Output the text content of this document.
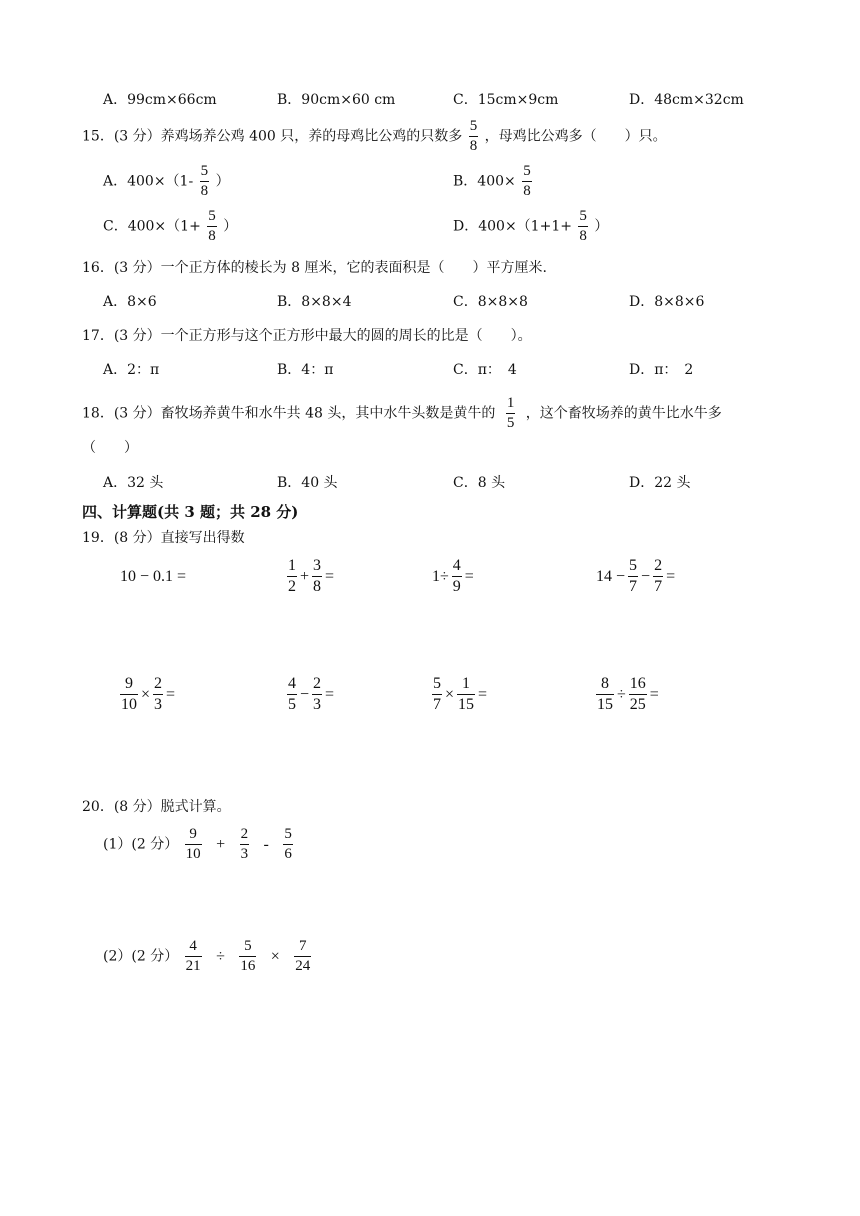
A．99cm×66cm	B．90cm×60 cm	C．15cm×9cm	D．48cm×32cm
15．(3 分）养鸡场养公鸡 400 只，养的母鸡比公鸡的只数多 $\frac{5}{8}$ ，母鸡比公鸡多（　　）只。
A．$400\times(1- \frac{5}{8}$ ）	B．$400\times \frac{5}{8}$
C．$400\times(1+ \frac{5}{8}$ ）	D．$400\times(1+1+ \frac{5}{8}$ ）
16．(3 分）一个正方体的棱长为 8 厘米，它的表面积是（　　）平方厘米.
A．8×6	B．8×8×4	C．8×8×8	D．8×8×6
17．(3 分）一个正方形与这个正方形中最大的圆的周长的比是（　　）。
A．2：π	B．4：π	C．π：　4	D．π：　2
18．(3 分）畜牧场养黄牛和水牛共 48 头，其中水牛头数是黄牛的 $\frac{1}{5}$ ，这个畜牧场养的黄牛比水牛多
（　　）
A．32 头	B．40 头	C．8 头	D．22 头
四、计算题(共 3 题；共 28 分)
19．(8 分）直接写出得数
10 − 0.1 =	$\frac{1}{2} + \frac{3}{8}$ =	$1\div \frac{4}{9}$ =	$14 - \frac{5}{7} - \frac{2}{7}$ =
$\frac{9}{10} \times \frac{2}{3}$ =	$\frac{4}{5} - \frac{2}{3}$ =	$\frac{5}{7} \times \frac{1}{15}$ =	$\frac{8}{15} \div \frac{16}{25}$ =
20．(8 分）脱式计算。
(1）(2 分） $\frac{9}{10} + \frac{2}{3} - \frac{5}{6}$
(2）(2 分） $\frac{4}{21} \div \frac{5}{16} \times \frac{7}{24}$
